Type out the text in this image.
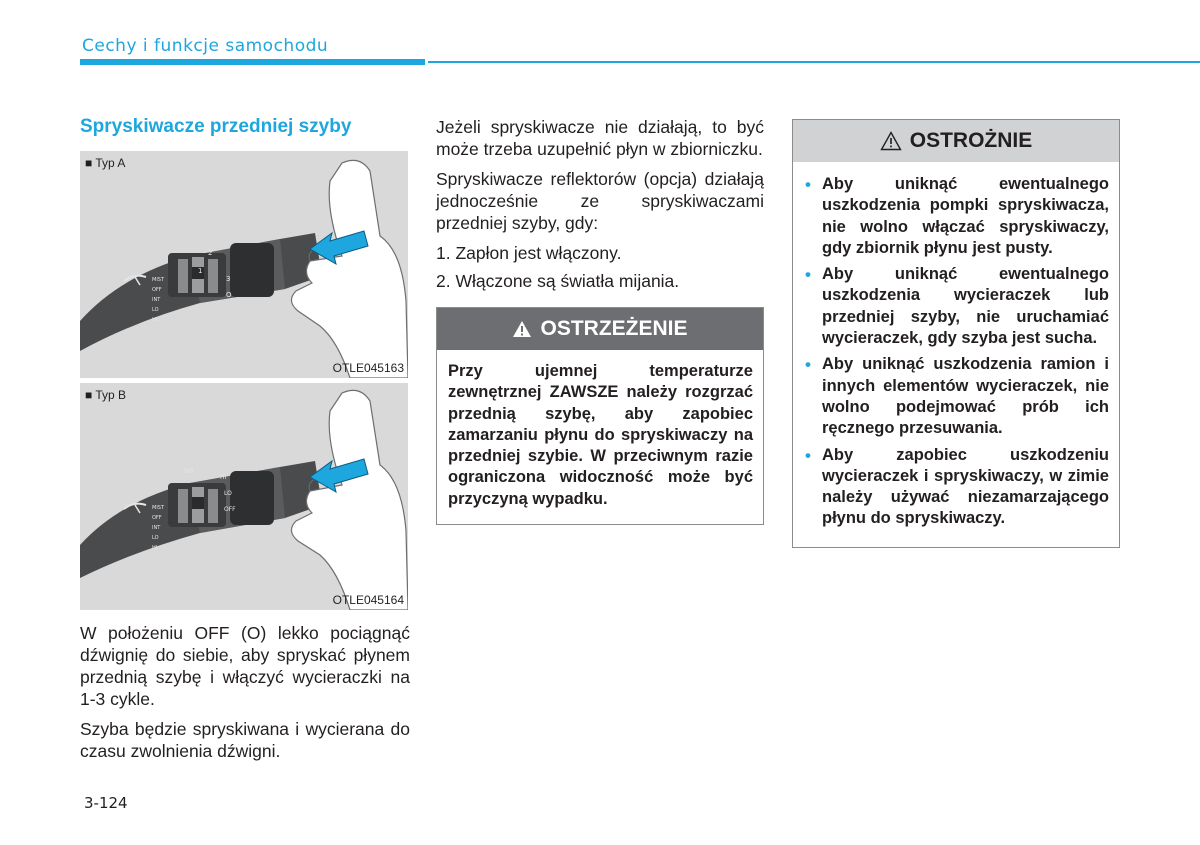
Cechy i funkcje samochodu
Spryskiwacze przedniej szyby
1
2
3
O
MIST
OFF
INT
LO
HI
■ Typ A
OTLE045163
INT
HI
LO
OFF
MIST
OFF
INT
LO
HI
■ Typ B
OTLE045164

W położeniu OFF (O) lekko pociągnąć dźwignię do siebie, aby spryskać płynem przednią szybę i włączyć wycieraczki na 1-3 cykle.

Szyba będzie spryskiwana i wycierana do czasu zwolnienia dźwigni.

Jeżeli spryskiwacze nie działają, to być może trzeba uzupełnić płyn w zbiorniczku.

Spryskiwacze reflektorów (opcja) działają jednocześnie ze spryskiwaczami przedniej szyby, gdy:

1. Zapłon jest włączony.
2. Włączone są światła mijania.
OSTRZEŻENIE
Przy ujemnej temperaturze zewnętrznej ZAWSZE należy rozgrzać przednią szybę, aby zapobiec zamarzaniu płynu do spryskiwaczy na przedniej szybie. W przeciwnym razie ograniczona widoczność może być przyczyną wypadku.
OSTROŻNIE
• Aby uniknąć ewentualnego uszkodzenia pompki spryskiwacza, nie wolno włączać spryskiwaczy, gdy zbiornik płynu jest pusty.
• Aby uniknąć ewentualnego uszkodzenia wycieraczek lub przedniej szyby, nie uruchamiać wycieraczek, gdy szyba jest sucha.
• Aby uniknąć uszkodzenia ramion i innych elementów wycieraczek, nie wolno podejmować prób ich ręcznego przesuwania.
• Aby zapobiec uszkodzeniu wycieraczek i spryskiwaczy, w zimie należy używać niezamarzającego płynu do spryskiwaczy.
3-124
